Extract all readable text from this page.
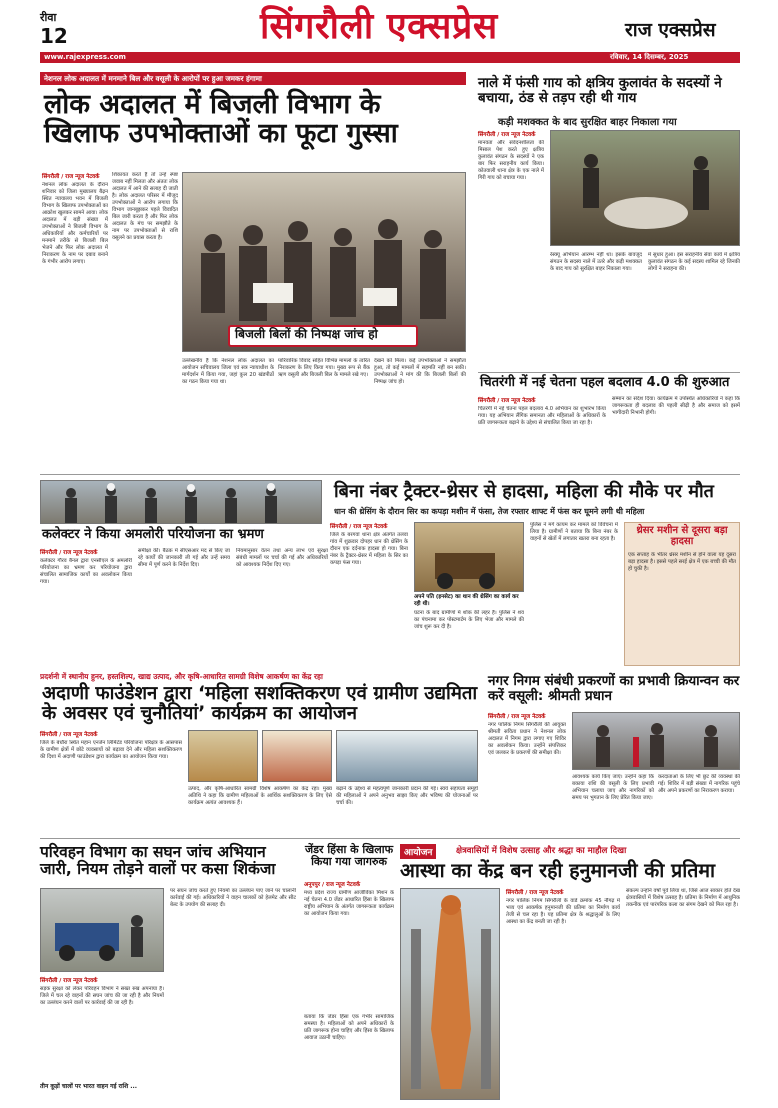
रीवा
12	सिंगरौली एक्सप्रेस	राज एक्सप्रेस
www.rajexpress.com	रविवार, 14 दिसम्बर, 2025
नेशनल लोक अदालत में मनमाने बिल और वसूली के आरोपों पर हुआ जमकर हंगामा
लोक अदालत में बिजली विभाग के खिलाफ उपभोक्ताओं का फूटा गुस्सा
सिंगरौली / राज न्यूज नेटवर्क
नेशनल लोक अदालत के दौरान शनिवार को जिला मुख्यालय बैढ़न स्थित न्यायालय भवन में बिजली विभाग के खिलाफ उपभोक्ताओं का आक्रोश खुलकर सामने आया। लोक अदालत में बड़ी संख्या में उपभोक्ताओं ने बिजली विभाग के अधिकारियों और कर्मचारियों पर मनमाने तरीके से बिजली बिल भेजने और फिर लोक अदालत में निराकरण के नाम पर दबाव बनाने के गंभीर आरोप लगाए।
शिकायत करते हैं तो उन्हें स्पष्ट जवाब नहीं मिलता और अंततः लोक अदालत में आने की सलाह दी जाती है। लोक अदालत परिसर में मौजूद उपभोक्ताओं ने आरोप लगाया कि विभाग जानबूझकर पहले विवादित बिल जारी करता है और फिर लोक अदालत के मंच पर समझौते के नाम पर उपभोक्ताओं से राशि वसूलने का प्रयास करता है।
बिजली बिलों की निष्पक्ष जांच हो
उल्लेखनीय है कि नेशनल लोक अदालत का आयोजन सचिवालय जिला एवं सत्र न्यायाधीश के मार्गदर्शन में किया गया, जहां कुल 20 खंडपीठों का गठन किया गया था।
पारिवारिक विवाद सहित विभिन्न मामलों के त्वरित निराकरण के लिए किया गया। मुख्य रूप से बैंक ऋण वसूली और बिजली बिल के मामले रखे गए।
देखने को मिला। कई उपभोक्ताओं ने समझौता हुआ, तो कई मामलों में सहमति नहीं बन सकी। उपभोक्ताओं ने मांग की कि बिजली बिलों की निष्पक्ष जांच हो।
नाले में फंसी गाय को क्षत्रिय कुलावंत के सदस्यों ने बचाया, ठंड से तड़प रही थी गाय
कड़ी मशक्कत के बाद सुरक्षित बाहर निकाला गया
सिंगरौली / राज न्यूज नेटवर्क
मानवता और संवेदनशीलता की मिसाल पेश करते हुए क्षत्रिय कुलावंत संगठन के सदस्यों ने एक बार फिर सराहनीय कार्य किया। कोतवाली थाना क्षेत्र के एक नाले में गिरी गाय को बचाया गया।
रेस्क्यू अभियान आरम्भ नहीं था। इसके बावजूद संगठन के सदस्य नाले में उतरे और कड़ी मशक्कत के बाद गाय को सुरक्षित बाहर निकाला गया।
में सुधार हुआ। इस सराहनीय सेवा कार्य में क्षत्रिय कुलावंत संगठन के कई सदस्य शामिल रहे जिनकी लोगों ने सराहना की।
चितरंगी में नई चेतना पहल बदलाव 4.0 की शुरुआत
सिंगरौली / राज न्यूज नेटवर्क
चितरंगी में नई चेतना पहल बदलाव 4.0 अभियान का शुभारंभ किया गया। यह अभियान लैंगिक समानता और महिलाओं के अधिकारों के प्रति जागरूकता बढ़ाने के उद्देश्य से संचालित किया जा रहा है।
सम्मान का संदेश दिया। कार्यक्रम में उपस्थित अधिकारियों ने कहा कि जागरूकता ही बदलाव की पहली सीढ़ी है और समाज को इसमें भागीदारी निभानी होगी।
बिना नंबर ट्रैक्टर-थ्रेसर से हादसा, महिला की मौके पर मौत
धान की थ्रेसिंग के दौरान सिर का कपड़ा मशीन में फंसा, तेज रफ्तार शाफ्ट में फंस कर घूमने लगी थी महिला
सिंगरौली / राज न्यूज नेटवर्क
जिले के बरगवां थाना क्षेत्र अंतर्गत तलवा गांव में शुक्रवार दोपहर धान की थ्रेसिंग के दौरान एक दर्दनाक हादसा हो गया। बिना नंबर के ट्रैक्टर-थ्रेसर में महिला के सिर का कपड़ा फंस गया।
अपने पति (इनसेट) का थान की थ्रेसिंग का कार्य कर रही थी।
घटना के बाद ग्रामीणों में शोक की लहर है। पुलिस ने शव का पंचनामा कर पोस्टमार्टम के लिए भेजा और मामले की जांच शुरू कर दी है।
पुलिस ने मर्ग कायम कर मामले को विवेचना में लिया है। ग्रामीणों ने बताया कि बिना नंबर के वाहनों से खेतों में लगातार खतरा बना रहता है।
थ्रेसर मशीन से दूसरा बड़ा हादसा
एक सप्ताह के भीतर थ्रेसर मशीन से होने वाला यह दूसरा बड़ा हादसा है। इससे पहले सरई क्षेत्र में एक बच्ची की मौत हो चुकी है।
कलेक्टर ने किया अमलोरी परियोजना का भ्रमण
सिंगरौली / राज न्यूज नेटवर्क
कलेक्टर गौरव बैनल द्वारा एनसीएल के अमलोरी परियोजना का भ्रमण कर परियोजना द्वारा संचालित सामाजिक कार्यों का अवलोकन किया गया।
समीक्षा की। बैठक में सीएसआर मद से किए जा रहे कार्यों की जानकारी ली गई और उन्हें समय सीमा में पूर्ण करने के निर्देश दिए।
नियमानुसार वेतन तथा अन्य लाभ एवं सुरक्षा संबंधी मामलों पर चर्चा की गई और अधिकारियों को आवश्यक निर्देश दिए गए।
प्रदर्शनी में स्थानीय हुनर, हस्तशिल्प, खाद्य उत्पाद, और कृषि-आधारित सामग्री विशेष आकर्षण का केंद्र रहा
अदाणी फाउंडेशन द्वारा ‘महिला सशक्तिकरण एवं ग्रामीण उद्यमिता के अवसर एवं चुनौतियां’ कार्यक्रम का आयोजन
सिंगरौली / राज न्यूज नेटवर्क
जिले के बंधौरा स्थित महान एनर्जेन लिमिटेड परियोजना परिक्षेत्र के आसपास के ग्रामीण क्षेत्रों में छोटे व्यवसायों को बढ़ावा देने और महिला सशक्तिकरण की दिशा में अदाणी फाउंडेशन द्वारा कार्यक्रम का आयोजन किया गया।
उत्पाद, और कृषि-आधारित सामग्री विशेष आकर्षण का केंद्र रहा। मुख्य अतिथि ने कहा कि ग्रामीण महिलाओं के आर्थिक सशक्तिकरण के लिए ऐसे कार्यक्रम अत्यंत आवश्यक हैं।
बढ़ाने के उद्देश्य से महत्वपूर्ण जानकारी प्रदान की गई। स्वयं सहायता समूहों की महिलाओं ने अपने अनुभव साझा किए और भविष्य की योजनाओं पर चर्चा की।
नगर निगम संबंधी प्रकरणों का प्रभावी क्रियान्वन कर करें वसूली: श्रीमती प्रधान
सिंगरौली / राज न्यूज नेटवर्क
नगर पालिक निगम सिंगरौली की आयुक्त श्रीमती सविता प्रधान ने नेशनल लोक अदालत में निगम द्वारा लगाए गए शिविर का अवलोकन किया। उन्होंने संपत्तिकर एवं जलकर के प्रकरणों की समीक्षा की।
आवश्यक कार्य किए जाएं। उन्होंने कहा कि बकाया राशि की वसूली के लिए प्रभावी अभियान चलाया जाए और नागरिकों को समय पर भुगतान के लिए प्रेरित किया जाए।
करदाताओं के लिए भी छूट की व्यवस्था की गई। शिविर में बड़ी संख्या में नागरिक पहुंचे और अपने प्रकरणों का निराकरण कराया।
परिवहन विभाग का सघन जांच अभियान जारी, नियम तोड़ने वालों पर कसा शिकंजा
पर सघन जांच करते हुए नियमों का उल्लंघन पाए जाने पर चालानी कार्रवाई की गई। अधिकारियों ने वाहन चालकों को हेलमेट और सीट बेल्ट के उपयोग की सलाह दी।
सिंगरौली / राज न्यूज नेटवर्क
सड़क सुरक्षा को लेकर परिवहन विभाग ने सख्त रुख अपनाया है। जिले में चल रहे वाहनों की सघन जांच की जा रही है और नियमों का उल्लंघन करने वालों पर कार्रवाई की जा रही है।
तीन कूड़ों चालों पर भारत वाहन गई राशि ...
जेंडर हिंसा के खिलाफ किया गया जागरुक
अनूपपुर / राज न्यूज नेटवर्क
मध्य प्रदेश राज्य ग्रामीण आजीविका मिशन के नई चेतना 4.0 जेंडर आधारित हिंसा के खिलाफ राष्ट्रीय अभियान के अंतर्गत जागरूकता कार्यक्रम का आयोजन किया गया।
बताया कि जेंडर हिंसा एक गंभीर सामाजिक समस्या है। महिलाओं को अपने अधिकारों के प्रति जागरूक होना चाहिए और हिंसा के खिलाफ आवाज उठानी चाहिए।
आयोजन	क्षेत्रवासियों में विशेष उत्साह और श्रद्धा का माहौल दिखा
आस्था का केंद्र बन रही हनुमानजी की प्रतिमा
सिंगरौली / राज न्यूज नेटवर्क
नगर पालिक निगम सिंगरौली के वार्ड क्रमांक 45 नौगढ़ में भव्य एवं आकर्षक हनुमानजी की प्रतिमा का निर्माण कार्य तेजी से चल रहा है। यह प्रतिमा क्षेत्र के श्रद्धालुओं के लिए आस्था का केंद्र बनती जा रही है।
संकल्प उन्होंने वर्षों पूर्व लिया था, जिसे आज साकार होते देख क्षेत्रवासियों में विशेष उत्साह है। प्रतिमा के निर्माण में आधुनिक तकनीक एवं पारंपरिक कला का संगम देखने को मिल रहा है।
